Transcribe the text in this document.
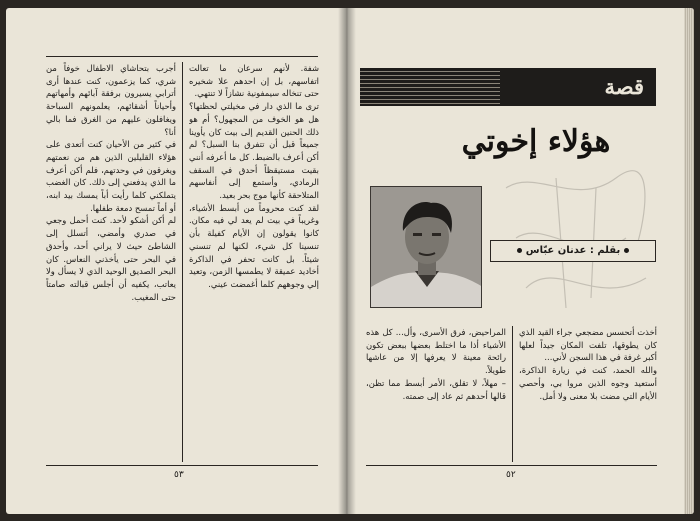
شفة. لأنهم سرعان ما تعالت اتفاسهم، بل إن احدهم علا شخيره حتى تنخاله سيمفونية نشازاً لا تنتهي.

ترى ما الذي دار في مخيلتي لحظتها؟ هل هو الخوف من المجهول؟ أم هو ذلك الحنين القديم إلى بيت كان يأوينا جميعاً قبل أن تتفرق بنا السبل؟ لم أكن أعرف بالضبط. كل ما أعرفه أنني بقيت مستيقظاً أحدق في السقف الرمادي، وأستمع إلى أنفاسهم المتلاحقة كأنها موج بحر بعيد.

لقد كنت محروماً من أبسط الأشياء، وغريباً في بيت لم يعد لي فيه مكان. كانوا يقولون إن الأيام كفيلة بأن تنسينا كل شيء، لكنها لم تنسني شيئاً. بل كانت تحفر في الذاكرة أخاديد عميقة لا يطمسها الزمن، وتعيد إلي وجوههم كلما أغمضت عيني.

أجرب بتحاشاي الاطفال خوفاً من شري، كما يزعمون، كنت عندها أرى أترابي يسيرون برفقة آبائهم وأمهاتهم وأحياناً أشقائهم، يعلمونهم السباحة ويغافلون عليهم من الغرق فما بالي أنا؟

في كثير من الأحيان كنت أتعدى على هؤلاء القليلين الذين هم من نعمتهم ويغرقون في وحدتهم، فلم أكن أعرف ما الذي يدفعني إلى ذلك. كان الغضب يتملكني كلما رأيت أباً يمسك بيد ابنه، أو أماً تمسح دمعة طفلها.

لم أكن أشكو لأحد. كنت أحمل وجعي في صدري وأمضي، أتسلل إلى الشاطئ حيث لا يراني أحد، وأحدق في البحر حتى يأخذني النعاس. كان البحر الصديق الوحيد الذي لا يسأل ولا يعاتب، يكفيه أن أجلس قبالته صامتاً حتى المغيب.

٥٣
قصة
هؤلاء إخوتي
بقلم : عدنان عبّاس

أخذت أتحسس مضجعي جراء القيد الذي كان يطوقها، تلفت المكان جيداً لعلها أكبر غرفة في هذا السجن لأني...

والله الحمد، كنت في زيارة الذاكرة، أستعيد وجوه الذين مروا بي، وأحصي الأيام التي مضت بلا معنى ولا أمل.

المراحيض، فرق الأسرى، وأل... كل هذه الأشياء أذا ما اختلط بعضها ببعض تكون رائحة معينة لا يعرفها إلا من عاشها طويلاً.

– مهلاً، لا تقلق، الأمر أبسط مما تظن، قالها أحدهم ثم عاد إلى صمته.

٥٢
